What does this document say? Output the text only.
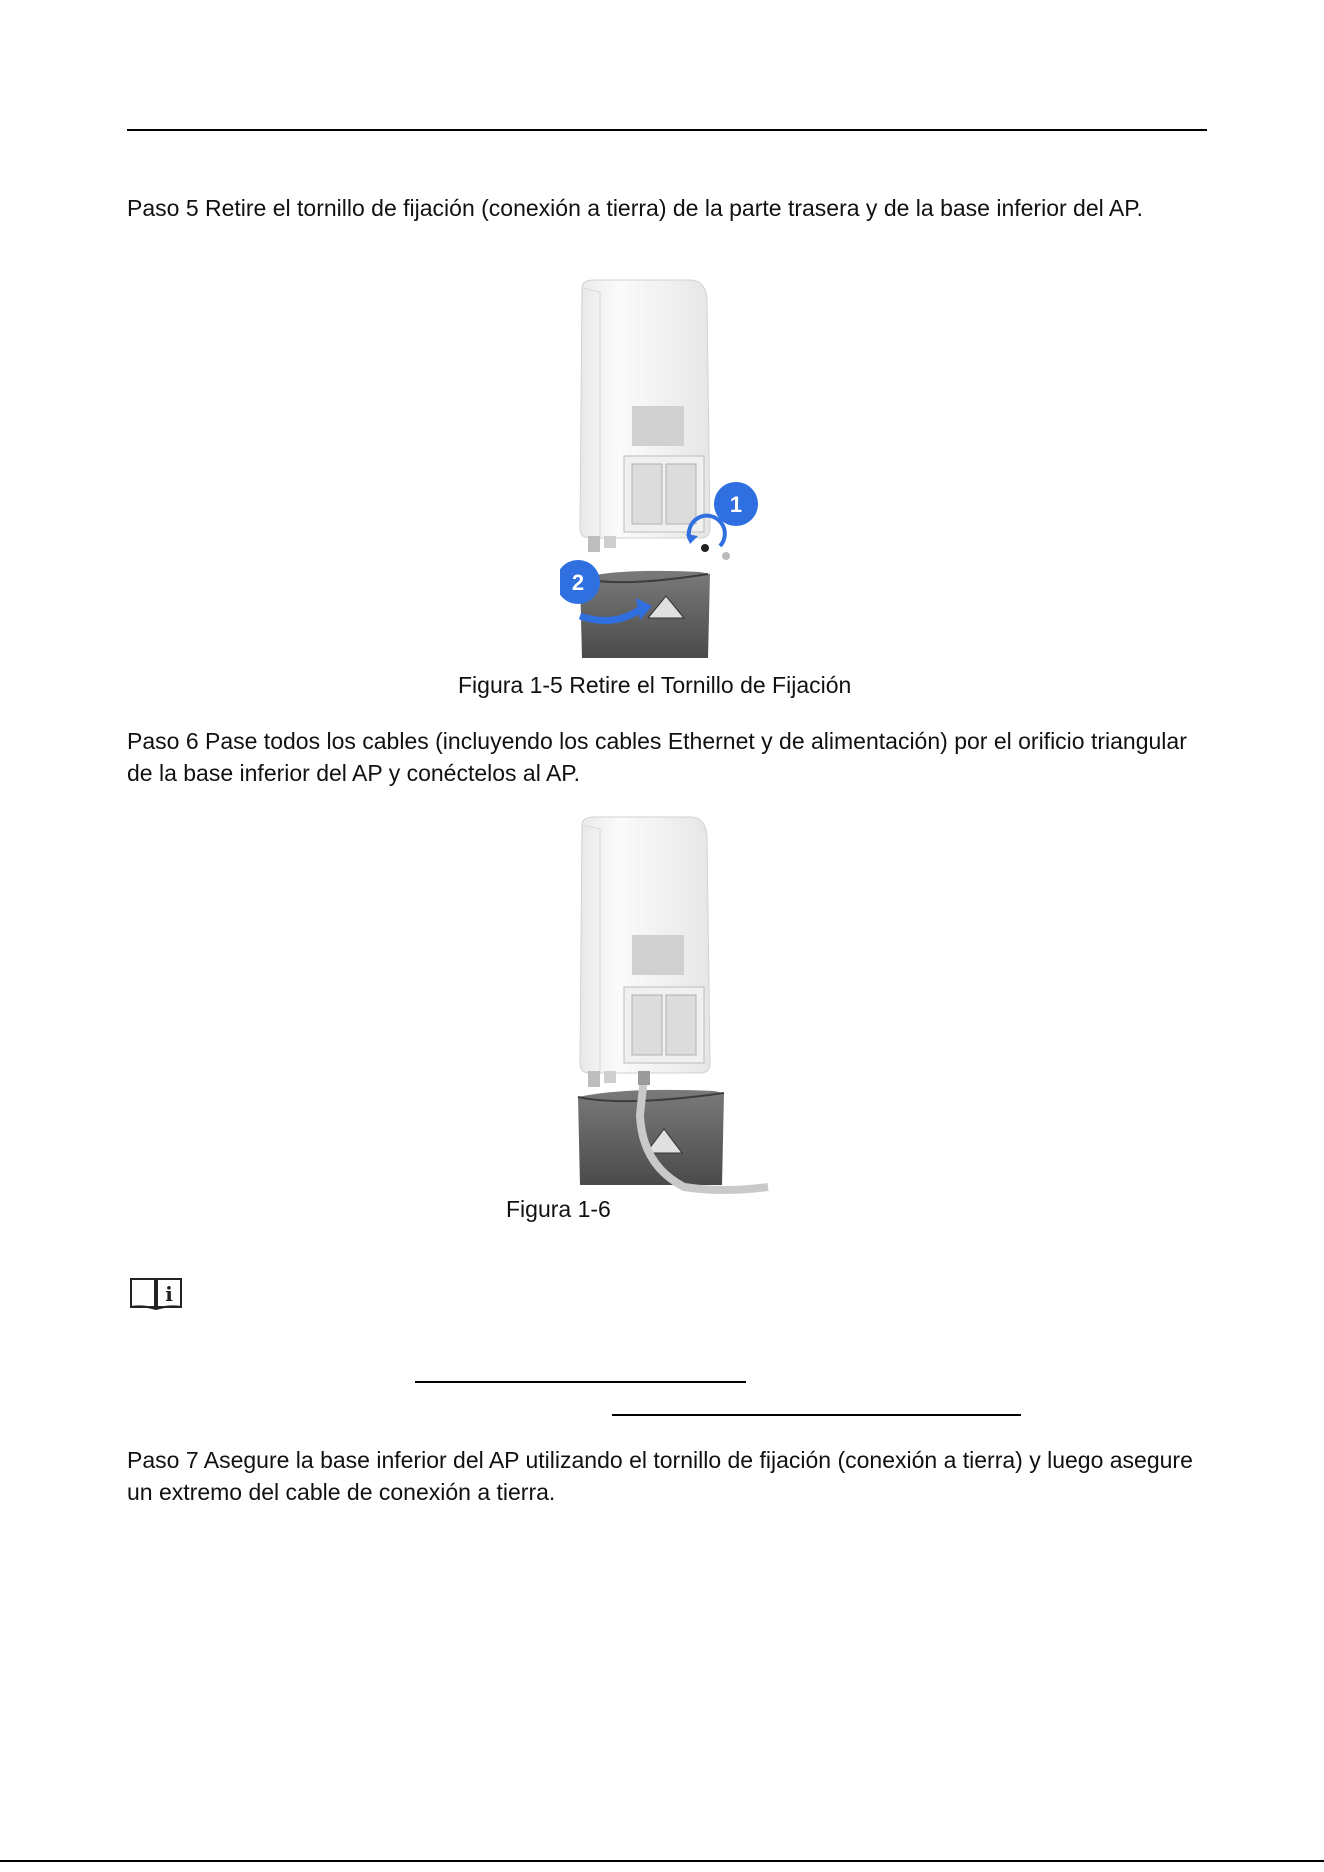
Paso 5 Retire el tornillo de fijación (conexión a tierra) de la parte trasera y de la base inferior del AP.

1
2
Figura 1-5 Retire el Tornillo de Fijación

Paso 6 Pase todos los cables (incluyendo los cables Ethernet y de alimentación) por el orificio triangular de la base inferior del AP y conéctelos al AP.

Figura 1-6
i

Paso 7 Asegure la base inferior del AP utilizando el tornillo de fijación (conexión a tierra) y luego asegure un extremo del cable de conexión a tierra.
